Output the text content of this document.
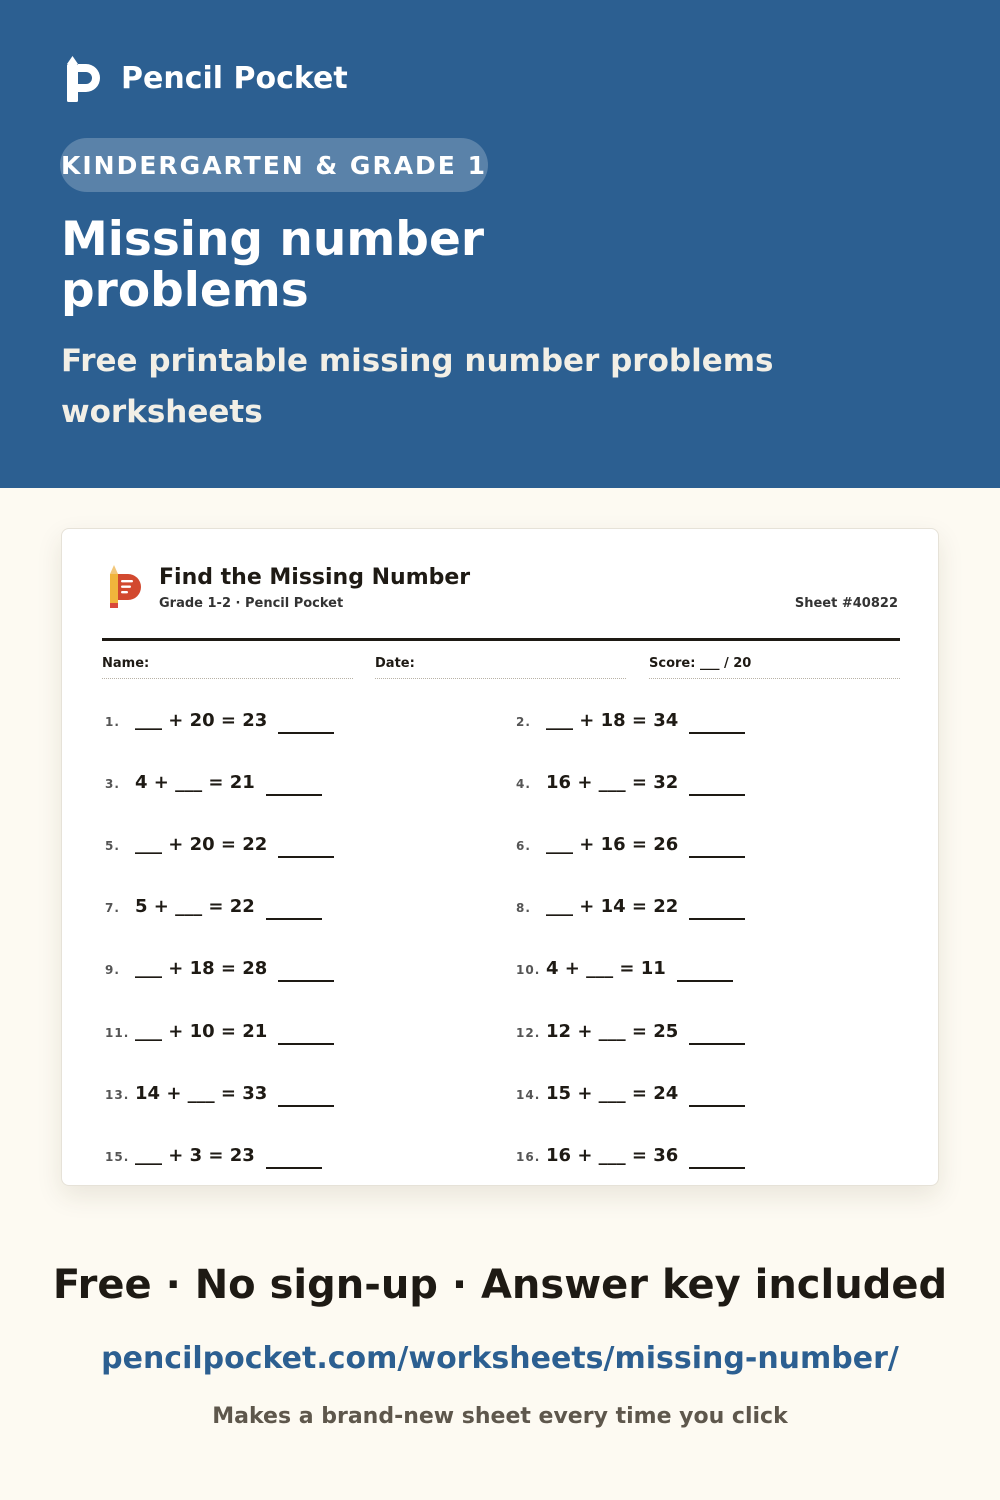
Pencil Pocket
KINDERGARTEN & GRADE 1
Missing number problems

Free printable missing number problems worksheets

Find the Missing Number
Grade 1-2 · Pencil Pocket	Sheet #40822
Name:	Date:	Score: ___ / 20
1. ___ + 20 = 23	2. ___ + 18 = 34
3. 4 + ___ = 21	4. 16 + ___ = 32
5. ___ + 20 = 22	6. ___ + 16 = 26
7. 5 + ___ = 22	8. ___ + 14 = 22
9. ___ + 18 = 28	10. 4 + ___ = 11
11. ___ + 10 = 21	12. 12 + ___ = 25
13. 14 + ___ = 33	14. 15 + ___ = 24
15. ___ + 3 = 23	16. 16 + ___ = 36
Free · No sign-up · Answer key included
pencilpocket.com/worksheets/missing-number/
Makes a brand-new sheet every time you click
